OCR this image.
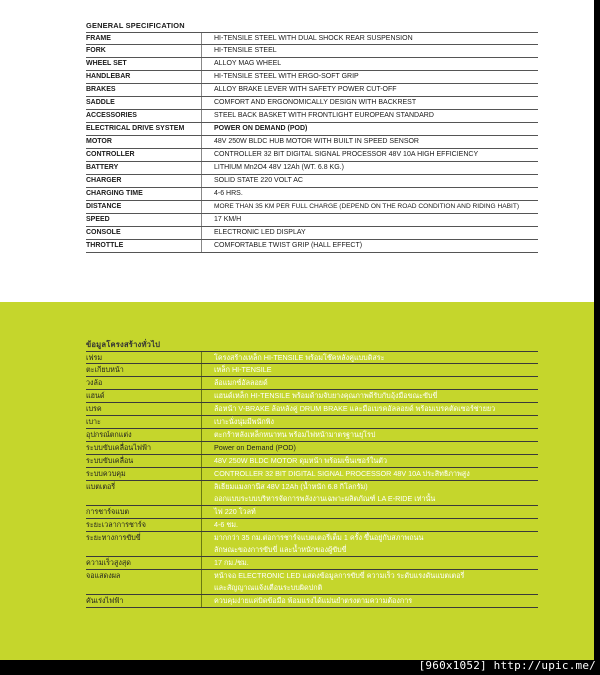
GENERAL SPECIFICATION
FRAME	HI-TENSILE STEEL WITH DUAL SHOCK REAR SUSPENSION
FORK	HI-TENSILE STEEL
WHEEL SET	ALLOY MAG WHEEL
HANDLEBAR	HI-TENSILE STEEL WITH ERGO-SOFT GRIP
BRAKES	ALLOY BRAKE LEVER WITH SAFETY POWER CUT-OFF
SADDLE	COMFORT AND ERGONOMICALLY DESIGN WITH BACKREST
ACCESSORIES	STEEL BACK BASKET WITH FRONTLIGHT EUROPEAN STANDARD
ELECTRICAL DRIVE SYSTEM	POWER ON DEMAND (POD)
MOTOR	48V 250W BLDC HUB MOTOR WITH BUILT IN SPEED SENSOR
CONTROLLER	CONTROLLER 32 BIT DIGITAL SIGNAL PROCESSOR 48V 10A HIGH EFFICIENCY
BATTERY	LITHIUM Mn2O4 48V 12Ah (WT. 6.8 KG.)
CHARGER	SOLID STATE 220 VOLT AC
CHARGING TIME	4-6 HRS.
DISTANCE	MORE THAN 35 KM PER FULL CHARGE (DEPEND ON THE ROAD CONDITION AND RIDING HABIT)
SPEED	17 KM/H
CONSOLE	ELECTRONIC LED DISPLAY
THROTTLE	COMFORTABLE TWIST GRIP (HALL EFFECT)
ข้อมูลโครงสร้างทั่วไป
เฟรม	โครงสร้างเหล็ก HI-TENSILE พร้อมโช๊คหลังคู่แบบดิสระ
ตะเกียบหน้า	เหล็ก HI-TENSILE
วงล้อ	ล้อแมกซ์อัลลอยด์
แฮนด์	แฮนด์เหล็ก HI-TENSILE พร้อมด้ามจับยางคุณภาพดีรับกับอุ้งมือขณะขับขี่
เบรค	ล้อหน้า V-BRAKE ล้อหลังคู่ DRUM BRAKE และมือเบรคอัลลอยด์ พร้อมเบรคตัดเซอร์ช่ายยว
เบาะ	เบาะนั่งนุ่มมีพนักพิง
อุปกรณ์ตกแต่ง	ตะกร้าหลังเหล็กหนาทน พร้อมไฟหน้ามาตรฐานยุโรป
ระบบขับเคลื่อนไฟฟ้า	Power on Demand (POD)
ระบบขับเคลื่อน	48V 250W BLDC MOTOR ดุมหน้า พร้อมเซ็นเซอร์ในตัว
ระบบควบคุม	CONTROLLER 32 BIT DIGITAL SIGNAL PROCESSOR 48V 10A ประสิทธิภาพสูง
แบตเตอรี่	ลิเธียมแมงกานีส 48V 12Ah (น้ำหนัก 6.8 กิโลกรัม)
ออกแบบระบบบริหารจัดการพลังงานเฉพาะผลิตภัณฑ์ LA E-RIDE เท่านั้น
การชาร์จแบต	ไฟ 220 โวลท์
ระยะเวลาการชาร์จ	4-6 ชม.
ระยะทางการขับขี่	มากกว่า 35 กม.ต่อการชาร์จแบตเตอรี่เต็ม 1 ครั้ง ขึ้นอยู่กับสภาพถนน
ลักษณะของการขับขี่ และน้ำหนักของผู้ขับขี่
ความเร็วสูงสุด	17 กม./ชม.
จอแสดงผล	หน้าจอ ELECTRONIC LED แสดงข้อมูลการขับขี่ ความเร็ว ระดับแรงดันแบตเตอรี่
และสัญญาณแจ้งเตือนระบบผิดปกติ
คันเร่งไฟฟ้า	ควบคุมง่ายแค่บิดข้อมือ พ้อมแรงได้แม่นยำตรงตามความต้องการ
[960x1052] http://upic.me/
